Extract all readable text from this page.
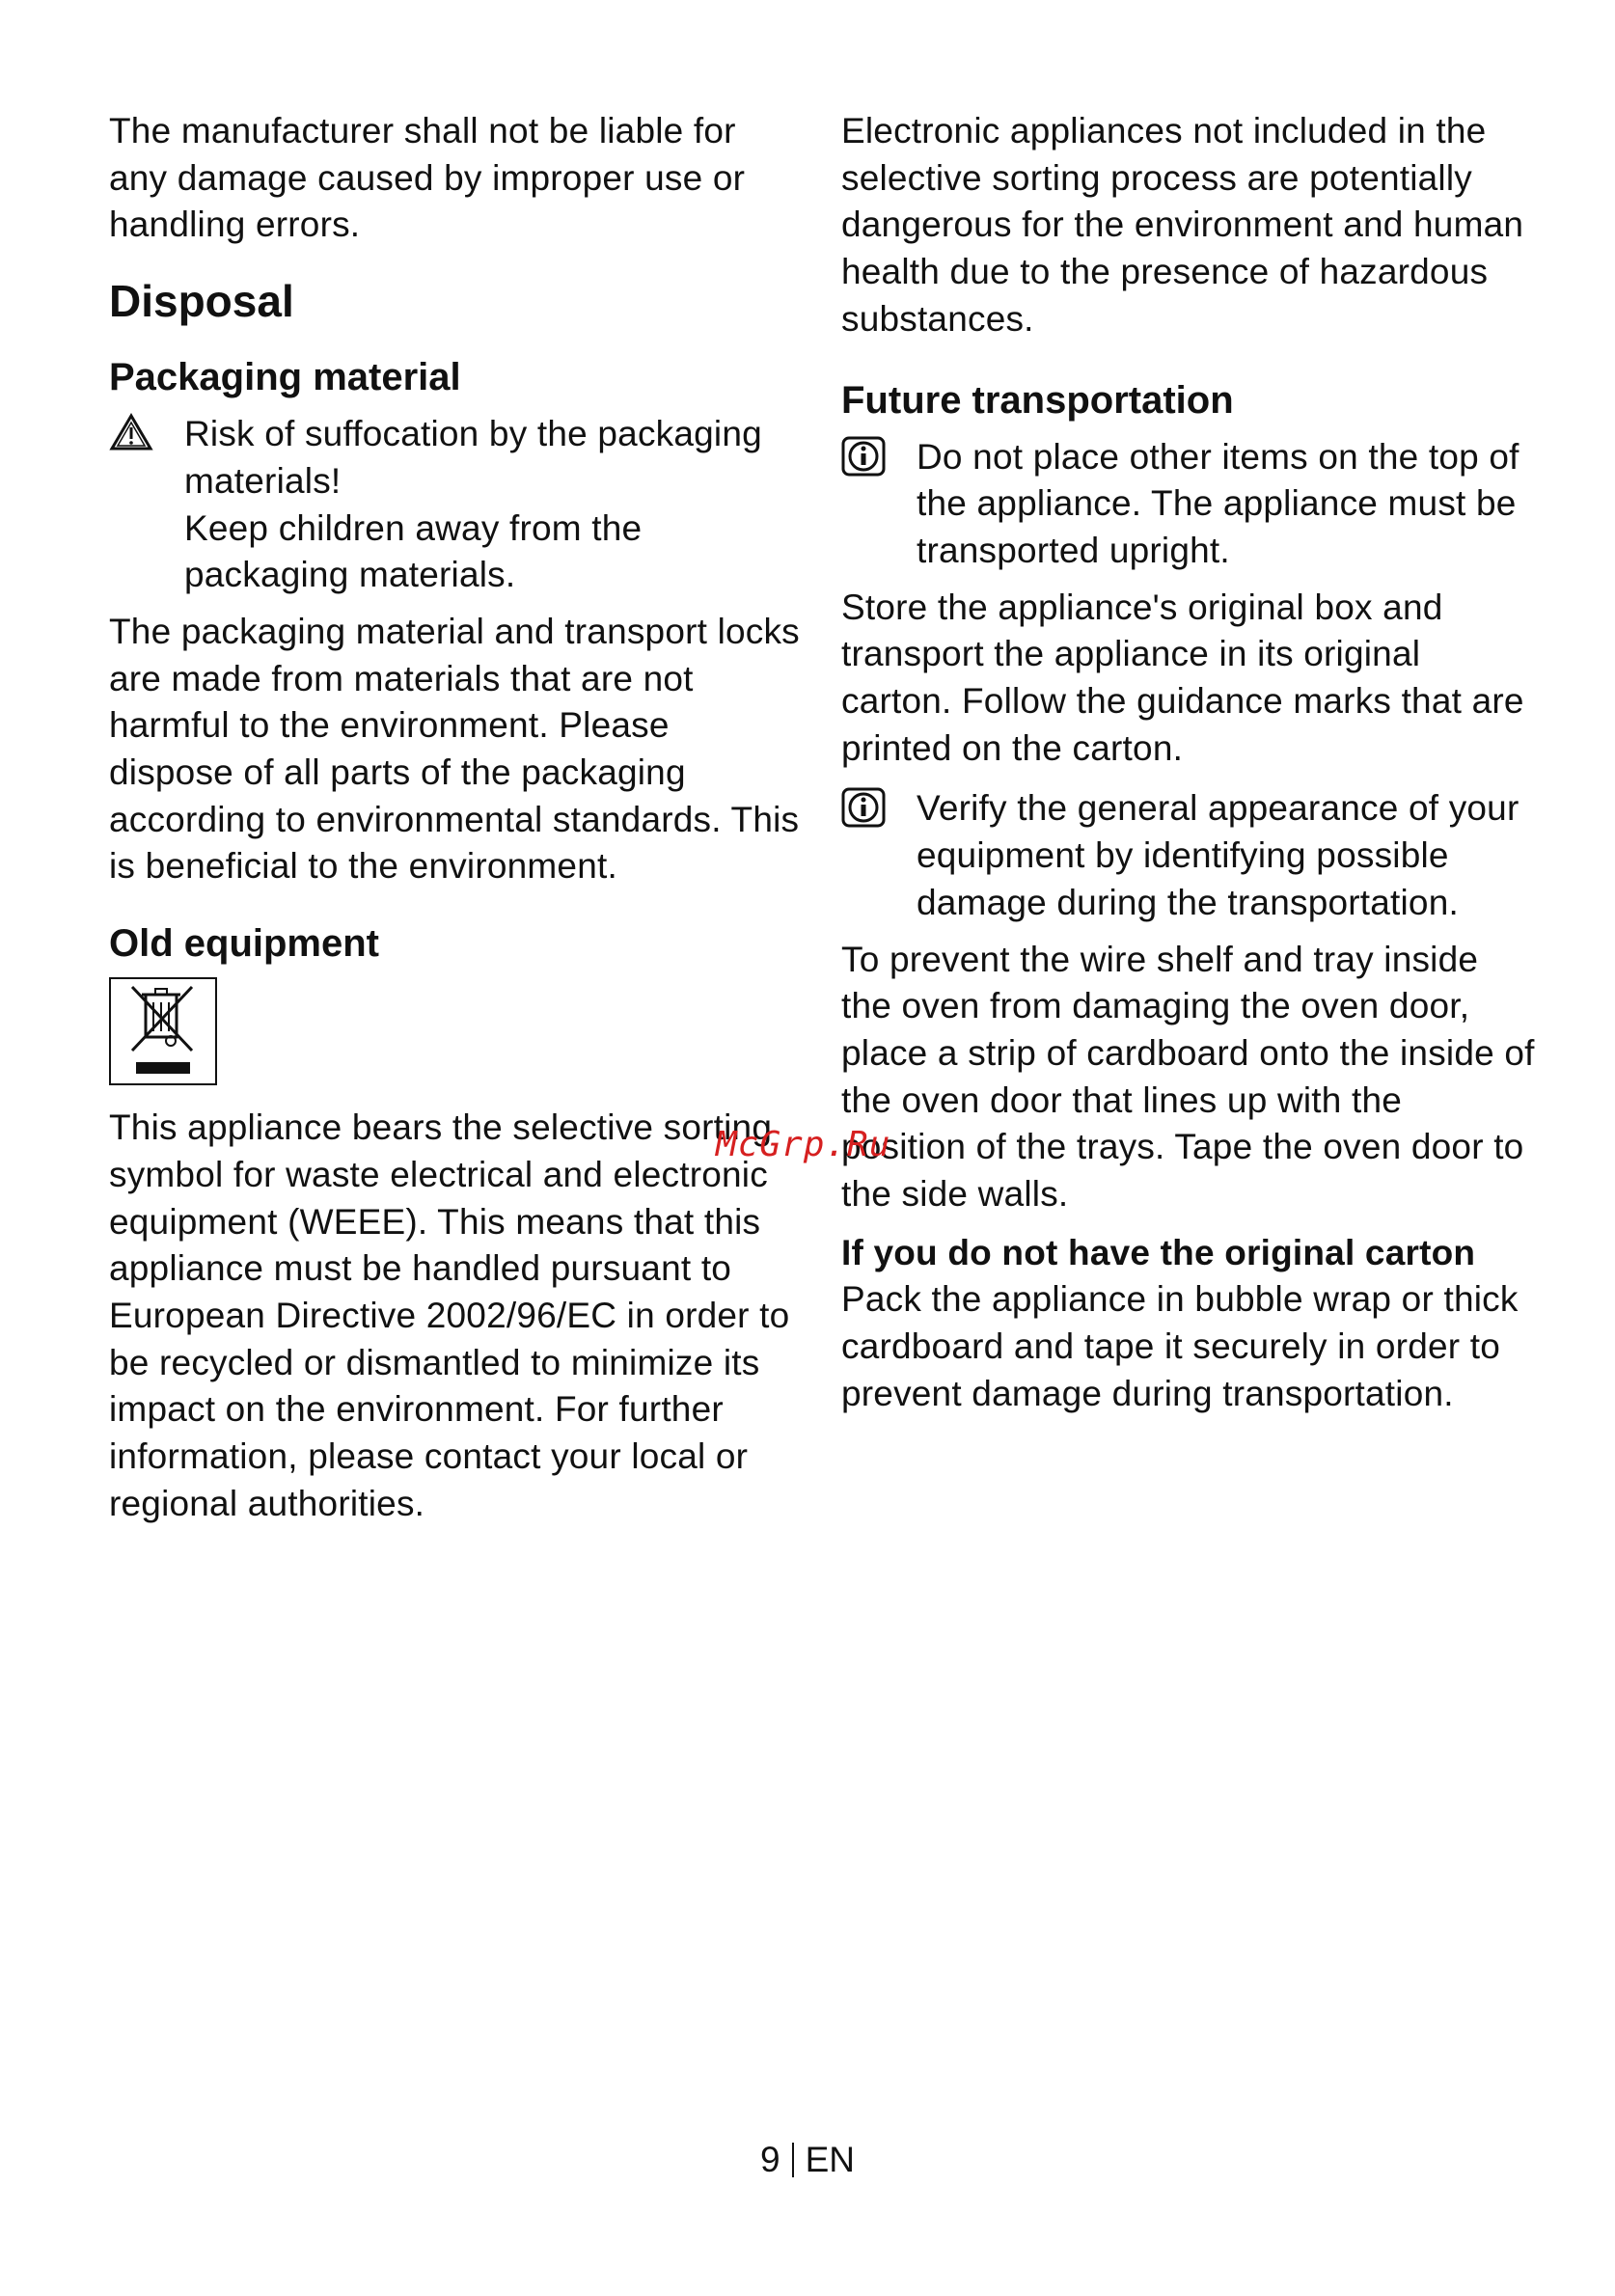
The manufacturer shall not be liable for any damage caused by improper use or handling errors.

Disposal
Packaging material

Risk of suffocation by the packaging materials!

Keep children away from the packaging materials.

The packaging material and transport locks are made from materials that are not harmful to the environment. Please dispose of all parts of the packaging according to environmental standards. This is beneficial to the environment.

Old equipment

This appliance bears the selective sorting symbol for waste electrical and electronic equipment (WEEE). This means that this appliance must be handled pursuant to European Directive 2002/96/EC in order to be recycled or dismantled to minimize its impact on the environment. For further information, please contact your local or regional authorities.

Electronic appliances not included in the selective sorting process are potentially dangerous for the environment and human health due to the presence of hazardous substances.

Future transportation

Do not place other items on the top of the appliance. The appliance must be transported upright.

Store the appliance's original box and transport the appliance in its original carton. Follow the guidance marks that are printed on the carton.

Verify the general appearance of your equipment by identifying possible damage during the transportation.

To prevent the wire shelf and tray inside the oven from damaging the oven door, place a strip of cardboard onto the inside of the oven door that lines up with the position of the trays. Tape the oven door to the side walls.

If you do not have the original carton

Pack the appliance in bubble wrap or thick cardboard and tape it securely in order to prevent damage during transportation.

McGrp.Ru
9 EN
